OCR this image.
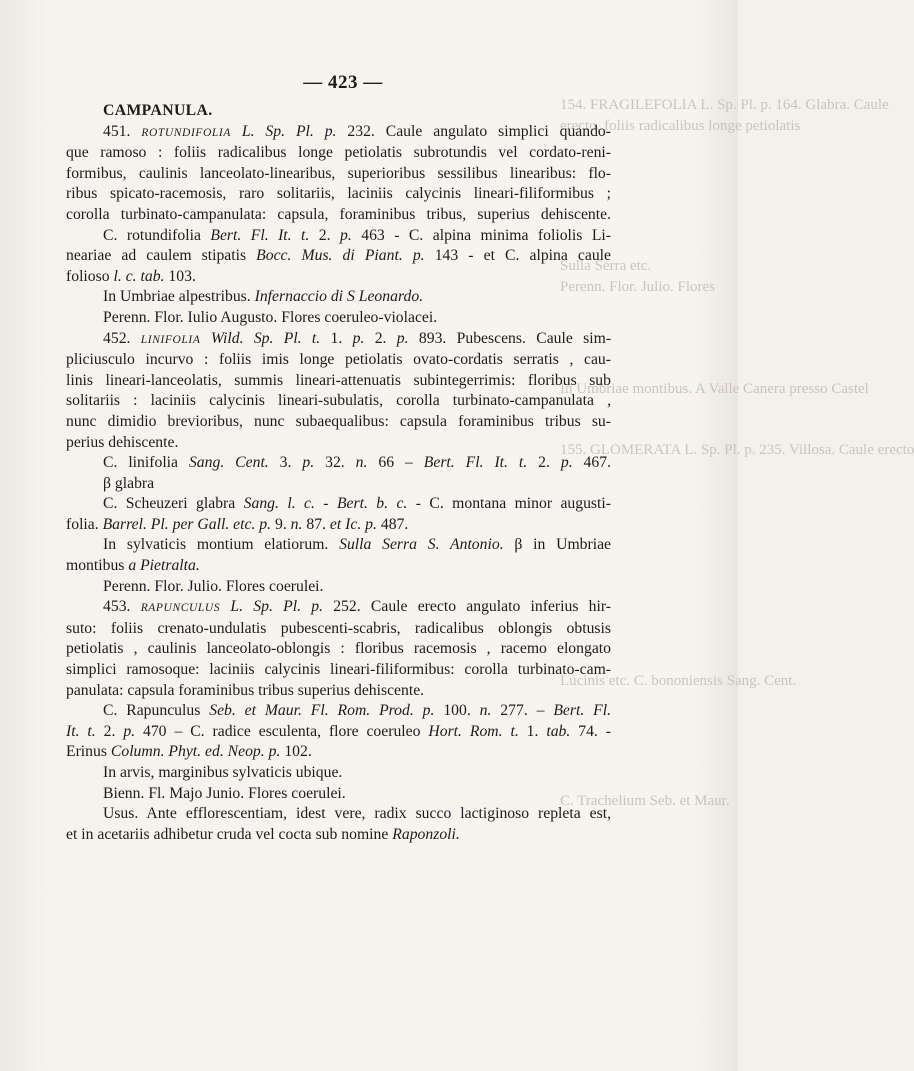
154. FRAGILEFOLIA L. Sp. Pl. p. 164. Glabra. Caule
erecto, foliis radicalibus longe petiolatis
Sulla Serra etc.
Perenn. Flor. Julio. Flores
In Umbriae montibus. A Valle Canera presso Castel
155. GLOMERATA L. Sp. Pl. p. 235. Villosa. Caule erecto
Lucinis etc. C. bononiensis Sang. Cent.
C. Trachelium Seb. et Maur.
— 423 —
CAMPANULA.
451. ROTUNDIFOLIA L. Sp. Pl. p. 232. Caule angulato simplici quando-
que ramoso : foliis radicalibus longe petiolatis subrotundis vel cordato-reni-
formibus, caulinis lanceolato-linearibus, superioribus sessilibus linearibus: flo-
ribus spicato-racemosis, raro solitariis, laciniis calycinis lineari-filiformibus ;
corolla turbinato-campanulata: capsula, foraminibus tribus, superius dehiscente.
C. rotundifolia Bert. Fl. It. t. 2. p. 463 - C. alpina minima foliolis Li-
neariae ad caulem stipatis Bocc. Mus. di Piant. p. 143 - et C. alpina caule
folioso l. c. tab. 103.
In Umbriae alpestribus. Infernaccio di S Leonardo.
Perenn. Flor. Iulio Augusto. Flores coeruleo-violacei.
452. LINIFOLIA Wild. Sp. Pl. t. 1. p. 2. p. 893. Pubescens. Caule sim-
pliciusculo incurvo : foliis imis longe petiolatis ovato-cordatis serratis , cau-
linis lineari-lanceolatis, summis lineari-attenuatis subintegerrimis: floribus sub
solitariis : laciniis calycinis lineari-subulatis, corolla turbinato-campanulata ,
nunc dimidio brevioribus, nunc subaequalibus: capsula foraminibus tribus su-
perius dehiscente.
C. linifolia Sang. Cent. 3. p. 32. n. 66 – Bert. Fl. It. t. 2. p. 467.
β glabra
C. Scheuzeri glabra Sang. l. c. - Bert. b. c. - C. montana minor augusti-
folia. Barrel. Pl. per Gall. etc. p. 9. n. 87. et Ic. p. 487.
In sylvaticis montium elatiorum. Sulla Serra S. Antonio. β in Umbriae
montibus a Pietralta.
Perenn. Flor. Julio. Flores coerulei.
453. RAPUNCULUS L. Sp. Pl. p. 252. Caule erecto angulato inferius hir-
suto: foliis crenato-undulatis pubescenti-scabris, radicalibus oblongis obtusis
petiolatis , caulinis lanceolato-oblongis : floribus racemosis , racemo elongato
simplici ramosoque: laciniis calycinis lineari-filiformibus: corolla turbinato-cam-
panulata: capsula foraminibus tribus superius dehiscente.
C. Rapunculus Seb. et Maur. Fl. Rom. Prod. p. 100. n. 277. – Bert. Fl.
It. t. 2. p. 470 – C. radice esculenta, flore coeruleo Hort. Rom. t. 1. tab. 74. -
Erinus Column. Phyt. ed. Neop. p. 102.
In arvis, marginibus sylvaticis ubique.
Bienn. Fl. Majo Junio. Flores coerulei.
Usus. Ante efflorescentiam, idest vere, radix succo lactiginoso repleta est,
et in acetariis adhibetur cruda vel cocta sub nomine Raponzoli.
